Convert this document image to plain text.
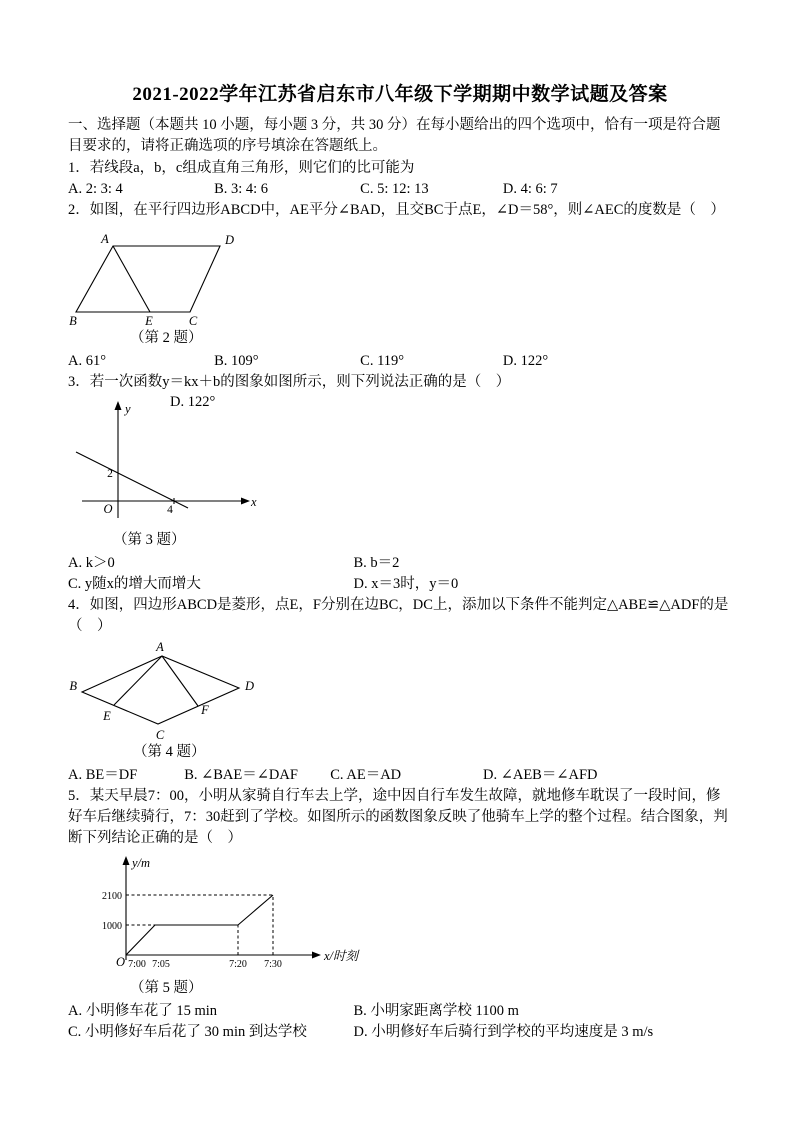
2021-2022学年江苏省启东市八年级下学期期中数学试题及答案

一、选择题（本题共 10 小题，每小题 3 分，共 30 分）在每小题给出的四个选项中，恰有一项是符合题目要求的，请将正确选项的序号填涂在答题纸上。

1．若线段a，b，c组成直角三角形，则它们的比可能为

A. 2: 3: 4	B. 3: 4: 6	C. 5: 12: 13	D. 4: 6: 7

2．如图，在平行四边形ABCD中，AE平分∠BAD，且交BC于点E，∠D＝58°，则∠AEC的度数是（　）

A	D
B	E	C

（第 2 题）

A. 61°	B. 109°	C. 119°	D. 122°

3．若一次函数y＝kx＋b的图象如图所示，则下列说法正确的是（　）

D. 122°
y
x
O
2
4

（第 3 题）

A. k＞0	B. b＝2
C. y随x的增大而增大	D. x＝3时，y＝0

4．如图，四边形ABCD是菱形，点E，F分别在边BC，DC上，添加以下条件不能判定△ABE≌△ADF的是（　）

A
B
C
D
E	F

（第 4 题）

A. BE＝DF	B. ∠BAE＝∠DAF	C. AE＝AD	D. ∠AEB＝∠AFD

5．某天早晨7：00，小明从家骑自行车去上学，途中因自行车发生故障，就地修车耽误了一段时间，修好车后继续骑行，7：30赶到了学校。如图所示的函数图象反映了他骑车上学的整个过程。结合图象，判断下列结论正确的是（　）

y/m
x/时刻
O
2100
1000
7:00 7:05	7:20 7:30

（第 5 题）

A. 小明修车花了 15 min	B. 小明家距离学校 1100 m
C. 小明修好车后花了 30 min 到达学校	D. 小明修好车后骑行到学校的平均速度是 3 m/s
